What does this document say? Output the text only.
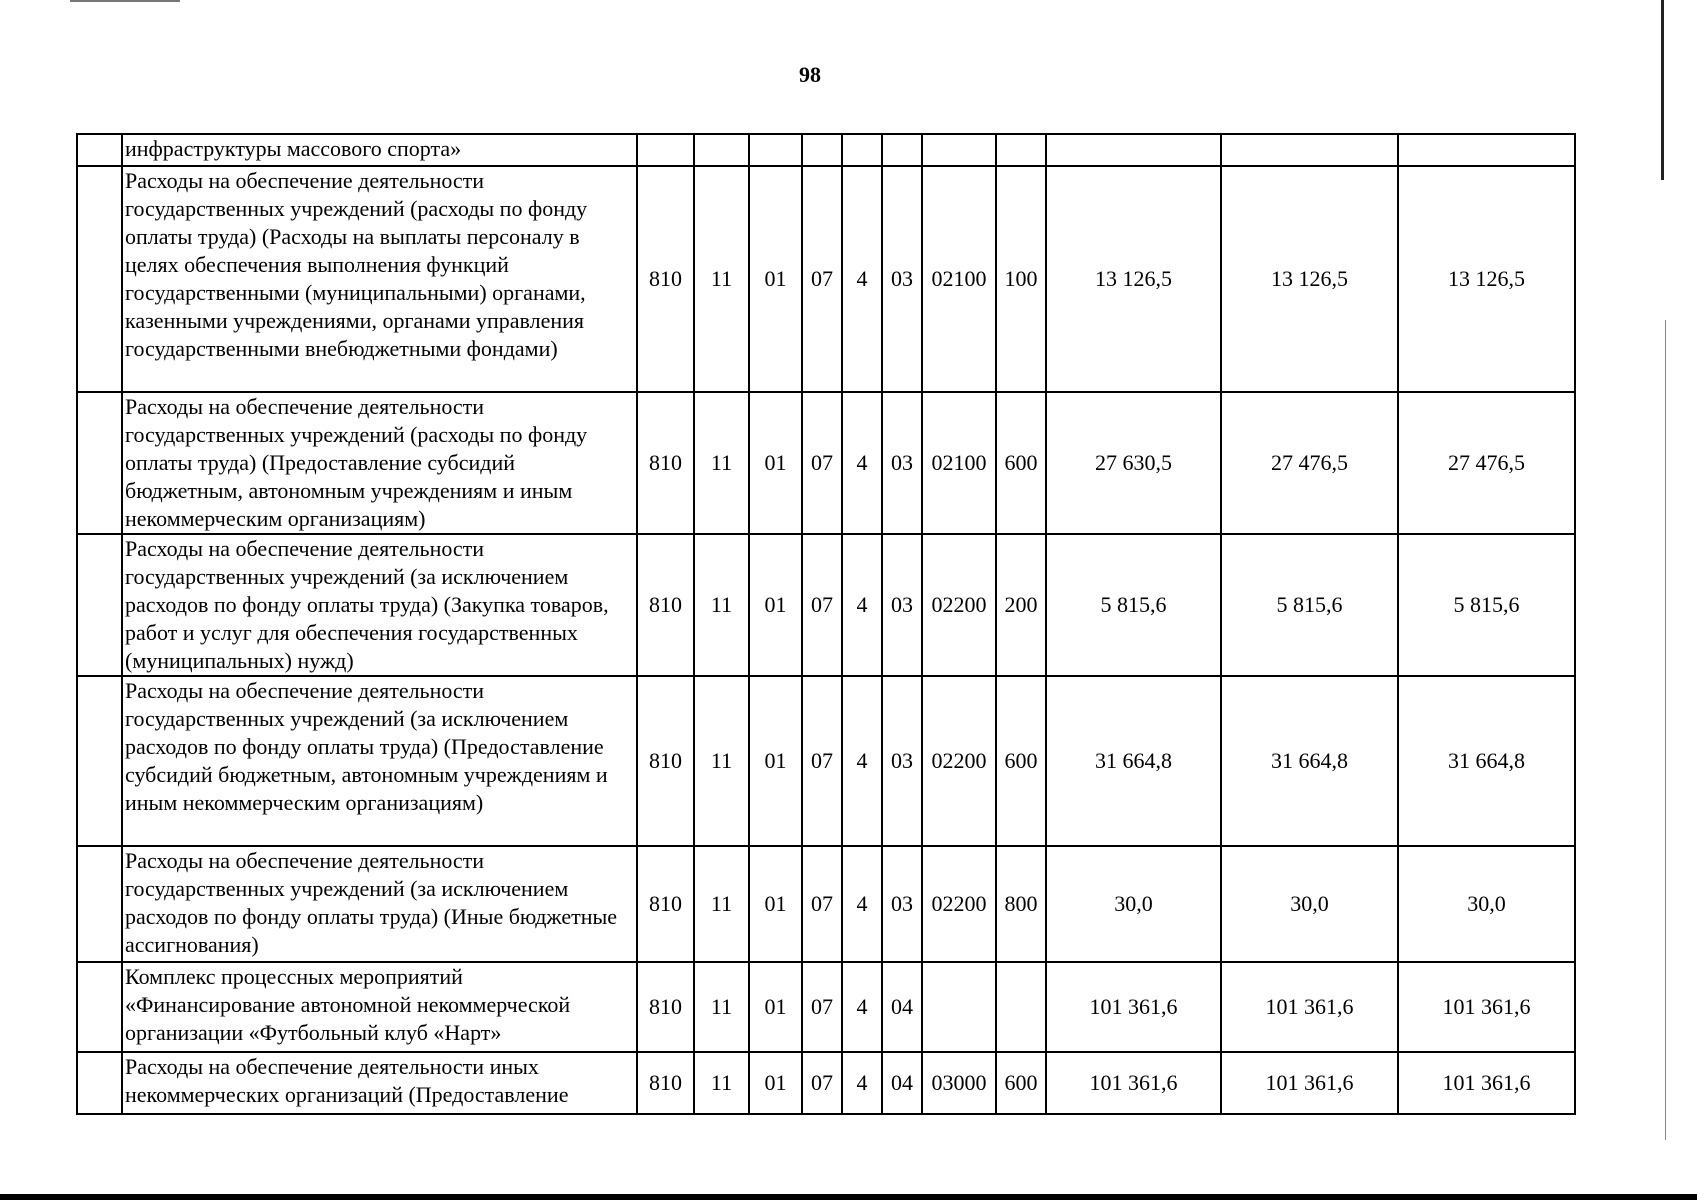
98
	инфраструктуры массового спорта»											
	Расходы на обеспечение деятельности государственных учреждений (расходы по фонду оплаты труда) (Расходы на выплаты персоналу в целях обеспечения выполнения функций государственными (муниципальными) органами, казенными учреждениями, органами управления государственными внебюджетными фондами)	810	11	01	07	4	03	02100	100	13 126,5	13 126,5	13 126,5
	Расходы на обеспечение деятельности государственных учреждений (расходы по фонду оплаты труда) (Предоставление субсидий бюджетным, автономным учреждениям и иным некоммерческим организациям)	810	11	01	07	4	03	02100	600	27 630,5	27 476,5	27 476,5
	Расходы на обеспечение деятельности государственных учреждений (за исключением расходов по фонду оплаты труда) (Закупка товаров, работ и услуг для обеспечения государственных (муниципальных) нужд)	810	11	01	07	4	03	02200	200	5 815,6	5 815,6	5 815,6
	Расходы на обеспечение деятельности государственных учреждений (за исключением расходов по фонду оплаты труда) (Предоставление субсидий бюджетным, автономным учреждениям и иным некоммерческим организациям)	810	11	01	07	4	03	02200	600	31 664,8	31 664,8	31 664,8
	Расходы на обеспечение деятельности государственных учреждений (за исключением расходов по фонду оплаты труда) (Иные бюджетные ассигнования)	810	11	01	07	4	03	02200	800	30,0	30,0	30,0
	Комплекс процессных мероприятий «Финансирование автономной некоммерческой организации «Футбольный клуб «Нарт»	810	11	01	07	4	04			101 361,6	101 361,6	101 361,6
	Расходы на обеспечение деятельности иных некоммерческих организаций (Предоставление	810	11	01	07	4	04	03000	600	101 361,6	101 361,6	101 361,6
